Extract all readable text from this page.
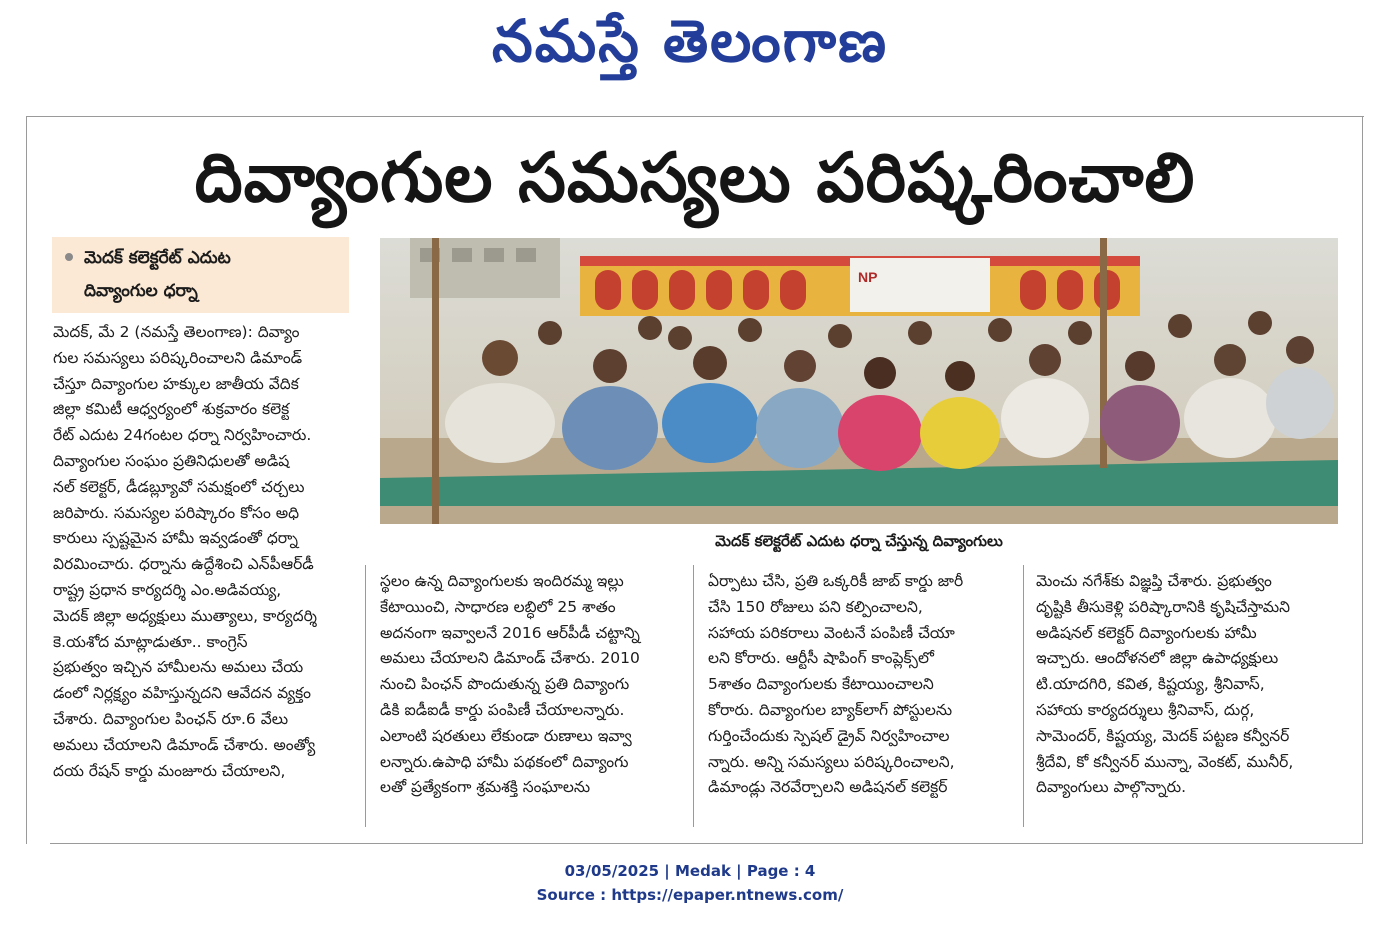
నమస్తే తెలంగాణ
దివ్యాంగుల సమస్యలు పరిష్కరించాలి
మెదక్ కలెక్టరేట్ ఎదుట
దివ్యాంగుల ధర్నా
NP
మెదక్ కలెక్టరేట్ ఎదుట ధర్నా చేస్తున్న దివ్యాంగులు
మెదక్, మే 2 (నమస్తే తెలంగాణ): దివ్యాం
గుల సమస్యలు పరిష్కరించాలని డిమాండ్
చేస్తూ దివ్యాంగుల హక్కుల జాతీయ వేదిక
జిల్లా కమిటీ ఆధ్వర్యంలో శుక్రవారం కలెక్ట
రేట్ ఎదుట 24గంటల ధర్నా నిర్వహించారు.
దివ్యాంగుల సంఘం ప్రతినిధులతో అడిష
నల్ కలెక్టర్, డీడబ్ల్యూవో సమక్షంలో చర్చలు
జరిపారు. సమస్యల పరిష్కారం కోసం అధి
కారులు స్పష్టమైన హామీ ఇవ్వడంతో ధర్నా
విరమించారు. ధర్నాను ఉద్దేశించి ఎన్‌పీఆర్‌డీ
రాష్ట్ర ప్రధాన కార్యదర్శి ఎం.అడివయ్య,
మెదక్ జిల్లా అధ్యక్షులు ముత్యాలు, కార్యదర్శి
కె.యశోద మాట్లాడుతూ.. కాంగ్రెస్
ప్రభుత్వం ఇచ్చిన హామీలను అమలు చేయ
డంలో నిర్లక్ష్యం వహిస్తున్నదని ఆవేదన వ్యక్తం
చేశారు. దివ్యాంగుల పింఛన్ రూ.6 వేలు
అమలు చేయాలని డిమాండ్ చేశారు. అంత్యో
దయ రేషన్ కార్డు మంజూరు చేయాలని,
స్థలం ఉన్న దివ్యాంగులకు ఇందిరమ్మ ఇల్లు
కేటాయించి, సాధారణ లబ్ధిలో 25 శాతం
అదనంగా ఇవ్వాలనే 2016 ఆర్‌పీడీ చట్టాన్ని
అమలు చేయాలని డిమాండ్ చేశారు. 2010
నుంచి పింఛన్ పొందుతున్న ప్రతి దివ్యాంగు
డికి ఐడీఐడీ కార్డు పంపిణీ చేయాలన్నారు.
ఎలాంటి షరతులు లేకుండా రుణాలు ఇవ్వా
లన్నారు.ఉపాధి హామీ పథకంలో దివ్యాంగు
లతో ప్రత్యేకంగా శ్రమశక్తి సంఘాలను
ఏర్పాటు చేసి, ప్రతి ఒక్కరికీ జాబ్ కార్డు జారీ
చేసి 150 రోజులు పని కల్పించాలని,
సహాయ పరికరాలు వెంటనే పంపిణీ చేయా
లని కోరారు. ఆర్టీసీ షాపింగ్ కాంప్లెక్స్‌లో
5శాతం దివ్యాంగులకు కేటాయించాలని
కోరారు. దివ్యాంగుల బ్యాక్‌లాగ్ పోస్టులను
గుర్తించేందుకు స్పెషల్ డ్రైవ్ నిర్వహించాల
న్నారు. అన్ని సమస్యలు పరిష్కరించాలని,
డిమాండ్లు నెరవేర్చాలని అడిషనల్ కలెక్టర్
మెంచు నగేశ్‌కు విజ్ఞప్తి చేశారు. ప్రభుత్వం
దృష్టికి తీసుకెళ్లి పరిష్కారానికి కృషిచేస్తామని
అడిషనల్ కలెక్టర్ దివ్యాంగులకు హామీ
ఇచ్చారు. ఆందోళనలో జిల్లా ఉపాధ్యక్షులు
టి.యాదగిరి, కవిత, కిష్టయ్య, శ్రీనివాస్,
సహాయ కార్యదర్శులు శ్రీనివాస్, దుర్గ,
సామెందర్, కిష్టయ్య, మెదక్ పట్టణ కన్వీనర్
శ్రీదేవి, కో కన్వీనర్ మున్నా, వెంకట్, మునీర్,
దివ్యాంగులు పాల్గొన్నారు.
03/05/2025 | Medak | Page : 4
Source : https://epaper.ntnews.com/
